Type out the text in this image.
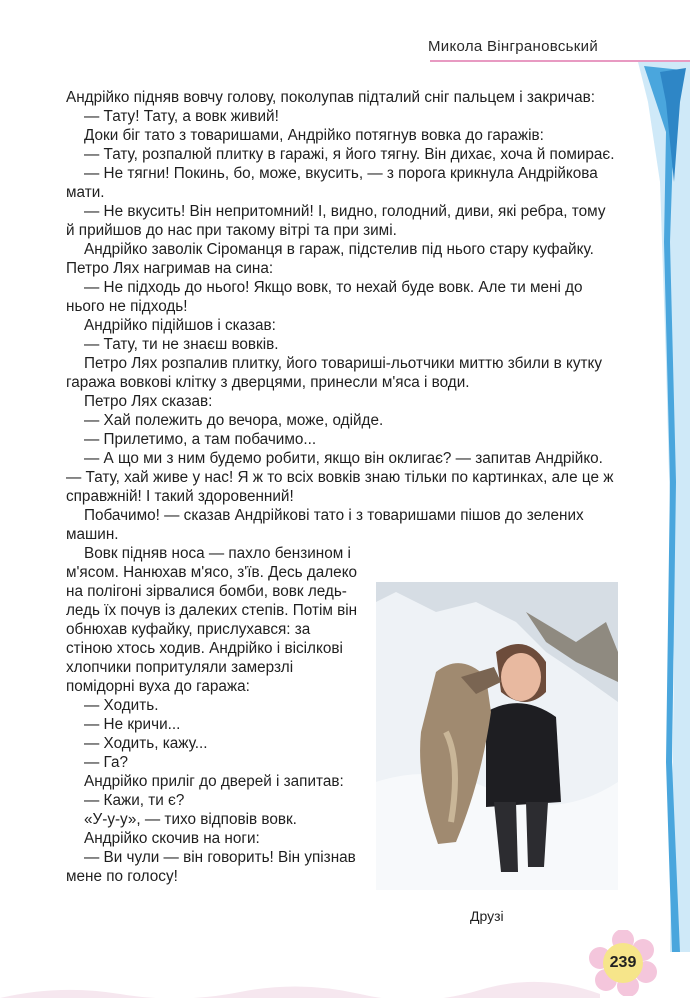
Микола Вінграновський

Андрійко підняв вовчу голову, поколупав підталий сніг пальцем і закричав:

— Тату! Тату, а вовк живий!

Доки біг тато з товаришами, Андрійко потягнув вовка до гаражів:

— Тату, розпалюй плитку в гаражі, я його тягну. Він дихає, хоча й помирає.

— Не тягни! Покинь, бо, може, вкусить, — з порога крикнула Андрійкова мати.

— Не вкусить! Він непритомний! І, видно, голодний, диви, які ребра, тому й прийшов до нас при такому вітрі та при зимі.

Андрійко заволік Сіроманця в гараж, підстелив під нього стару куфайку. Петро Лях нагримав на сина:

— Не підходь до нього! Якщо вовк, то нехай буде вовк. Але ти мені до нього не підходь!

Андрійко підійшов і сказав:

— Тату, ти не знаєш вовків.

Петро Лях розпалив плитку, його товариші-льотчики миттю збили в кутку гаража вовкові клітку з дверцями, принесли м'яса і води.

Петро Лях сказав:

— Хай полежить до вечора, може, одійде.

— Прилетимо, а там побачимо...

— А що ми з ним будемо робити, якщо він оклигає? — запитав Андрійко. — Тату, хай живе у нас! Я ж то всіх вовків знаю тільки по картинках, але це ж справжній! І такий здоровенний!

Побачимо! — сказав Андрійкові тато і з товаришами пішов до зелених машин.

Вовк підняв носа — пахло бензином і м'ясом. Нанюхав м'ясо, з'їв. Десь далеко на полігоні зірвалися бомби, вовк ледь-ледь їх почув із далеких степів. Потім він обнюхав куфайку, прислухався: за стіною хтось ходив. Андрійко і вісілкові хлопчики попритуляли замерзлі помідорні вуха до гаража:

— Ходить.

— Не кричи...

— Ходить, кажу...

— Га?

Андрійко приліг до дверей і запитав:

— Кажи, ти є?

«У-у-у», — тихо відповів вовк.

Андрійко скочив на ноги:

— Ви чули — він говорить! Він упізнав мене по голосу!

Друзі
239
